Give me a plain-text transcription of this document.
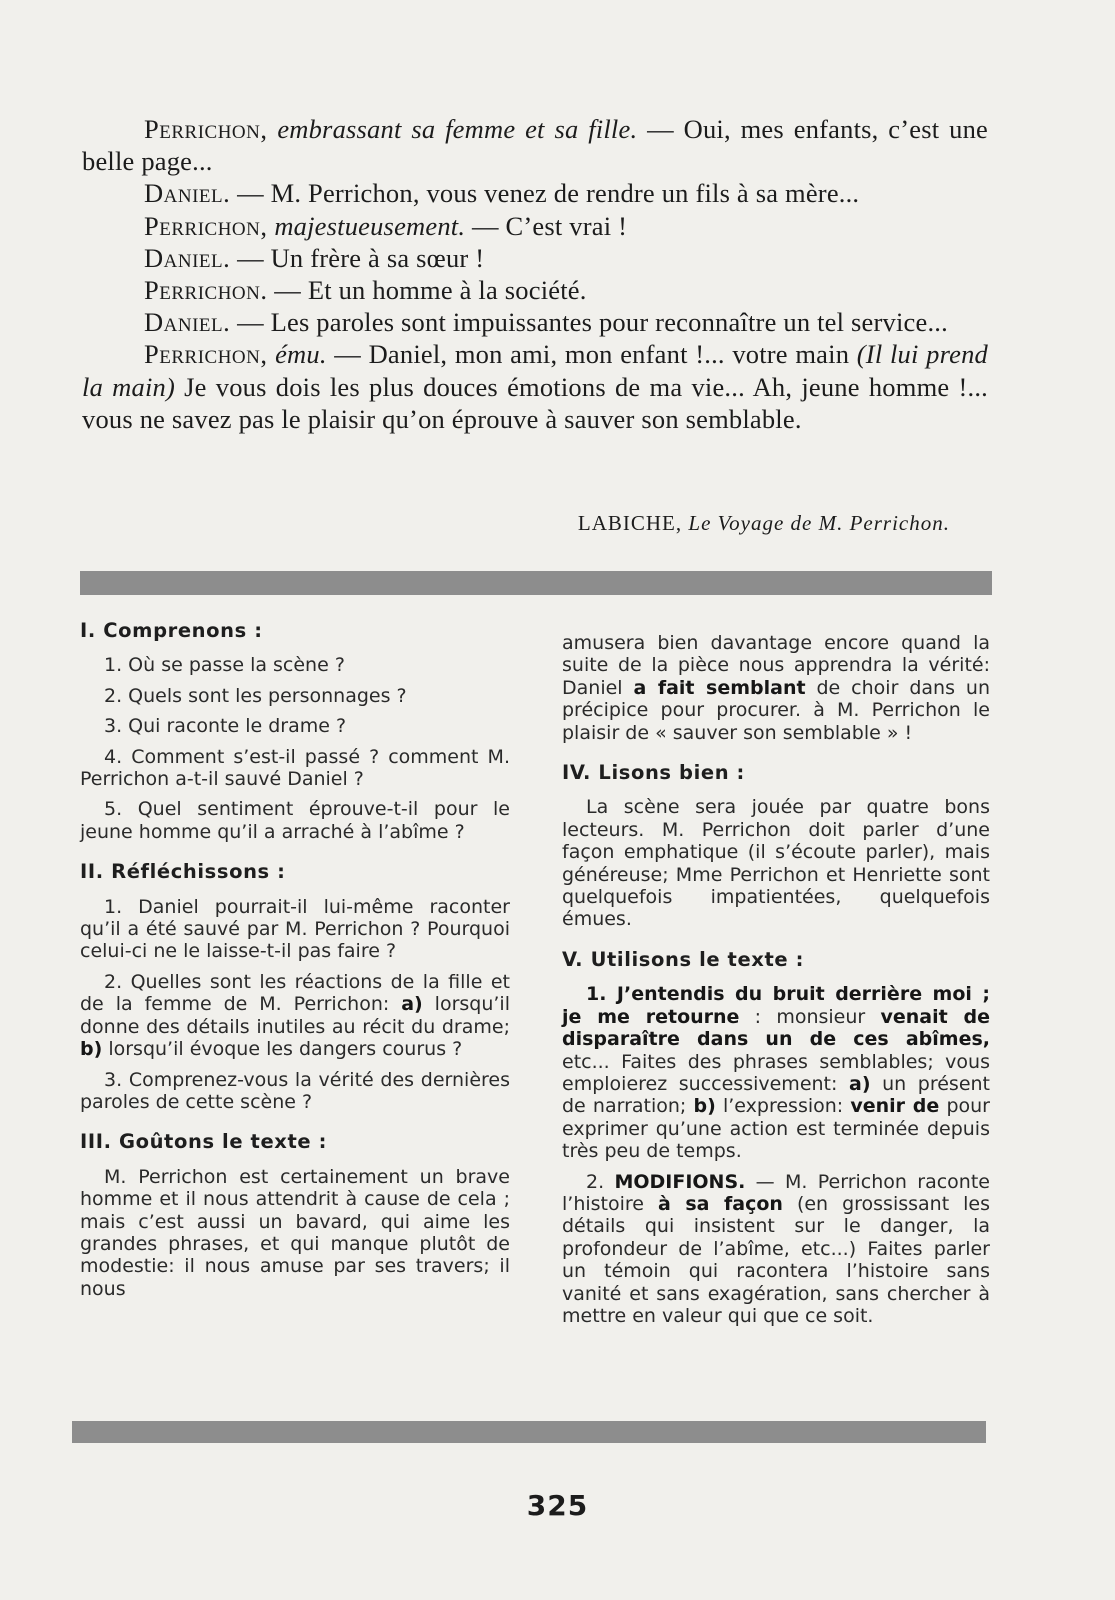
Perrichon, embrassant sa femme et sa fille. — Oui, mes enfants, c’est une belle page...

Daniel. — M. Perrichon, vous venez de rendre un fils à sa mère...

Perrichon, majestueusement. — C’est vrai !

Daniel. — Un frère à sa sœur !

Perrichon. — Et un homme à la société.

Daniel. — Les paroles sont impuissantes pour reconnaître un tel service...

Perrichon, ému. — Daniel, mon ami, mon enfant !... votre main (Il lui prend la main) Je vous dois les plus douces émotions de ma vie... Ah, jeune homme !... vous ne savez pas le plaisir qu’on éprouve à sauver son semblable.

LABICHE, Le Voyage de M. Perrichon.
I. Comprenons :

1. Où se passe la scène ?

2. Quels sont les personnages ?

3. Qui raconte le drame ?

4. Comment s’est-il passé ? comment M. Perrichon a-t-il sauvé Daniel ?

5. Quel sentiment éprouve-t-il pour le jeune homme qu’il a arraché à l’abîme ?

II. Réfléchissons :

1. Daniel pourrait-il lui-même raconter qu’il a été sauvé par M. Perrichon ? Pourquoi celui-ci ne le laisse-t-il pas faire ?

2. Quelles sont les réactions de la fille et de la femme de M. Perrichon: a) lorsqu’il donne des détails inutiles au récit du drame; b) lorsqu’il évoque les dangers courus ?

3. Comprenez-vous la vérité des dernières paroles de cette scène ?

III. Goûtons le texte :

M. Perrichon est certainement un brave homme et il nous attendrit à cause de cela ; mais c’est aussi un bavard, qui aime les grandes phrases, et qui manque plutôt de modestie: il nous amuse par ses travers; il nous

amusera bien davantage encore quand la suite de la pièce nous apprendra la vérité: Daniel a fait semblant de choir dans un précipice pour procurer. à M. Perrichon le plaisir de « sauver son semblable » !

IV. Lisons bien :

La scène sera jouée par quatre bons lecteurs. M. Perrichon doit parler d’une façon emphatique (il s’écoute parler), mais généreuse; Mme Perrichon et Henriette sont quelquefois impatientées, quelquefois émues.

V. Utilisons le texte :

1. J’entendis du bruit derrière moi ; je me retourne : monsieur venait de disparaître dans un de ces abîmes, etc... Faites des phrases semblables; vous emploierez successivement: a) un présent de narration; b) l’expression: venir de pour exprimer qu’une action est terminée depuis très peu de temps.

2. MODIFIONS. — M. Perrichon raconte l’histoire à sa façon (en grossissant les détails qui insistent sur le danger, la profondeur de l’abîme, etc...) Faites parler un témoin qui racontera l’histoire sans vanité et sans exagération, sans chercher à mettre en valeur qui que ce soit.

325
